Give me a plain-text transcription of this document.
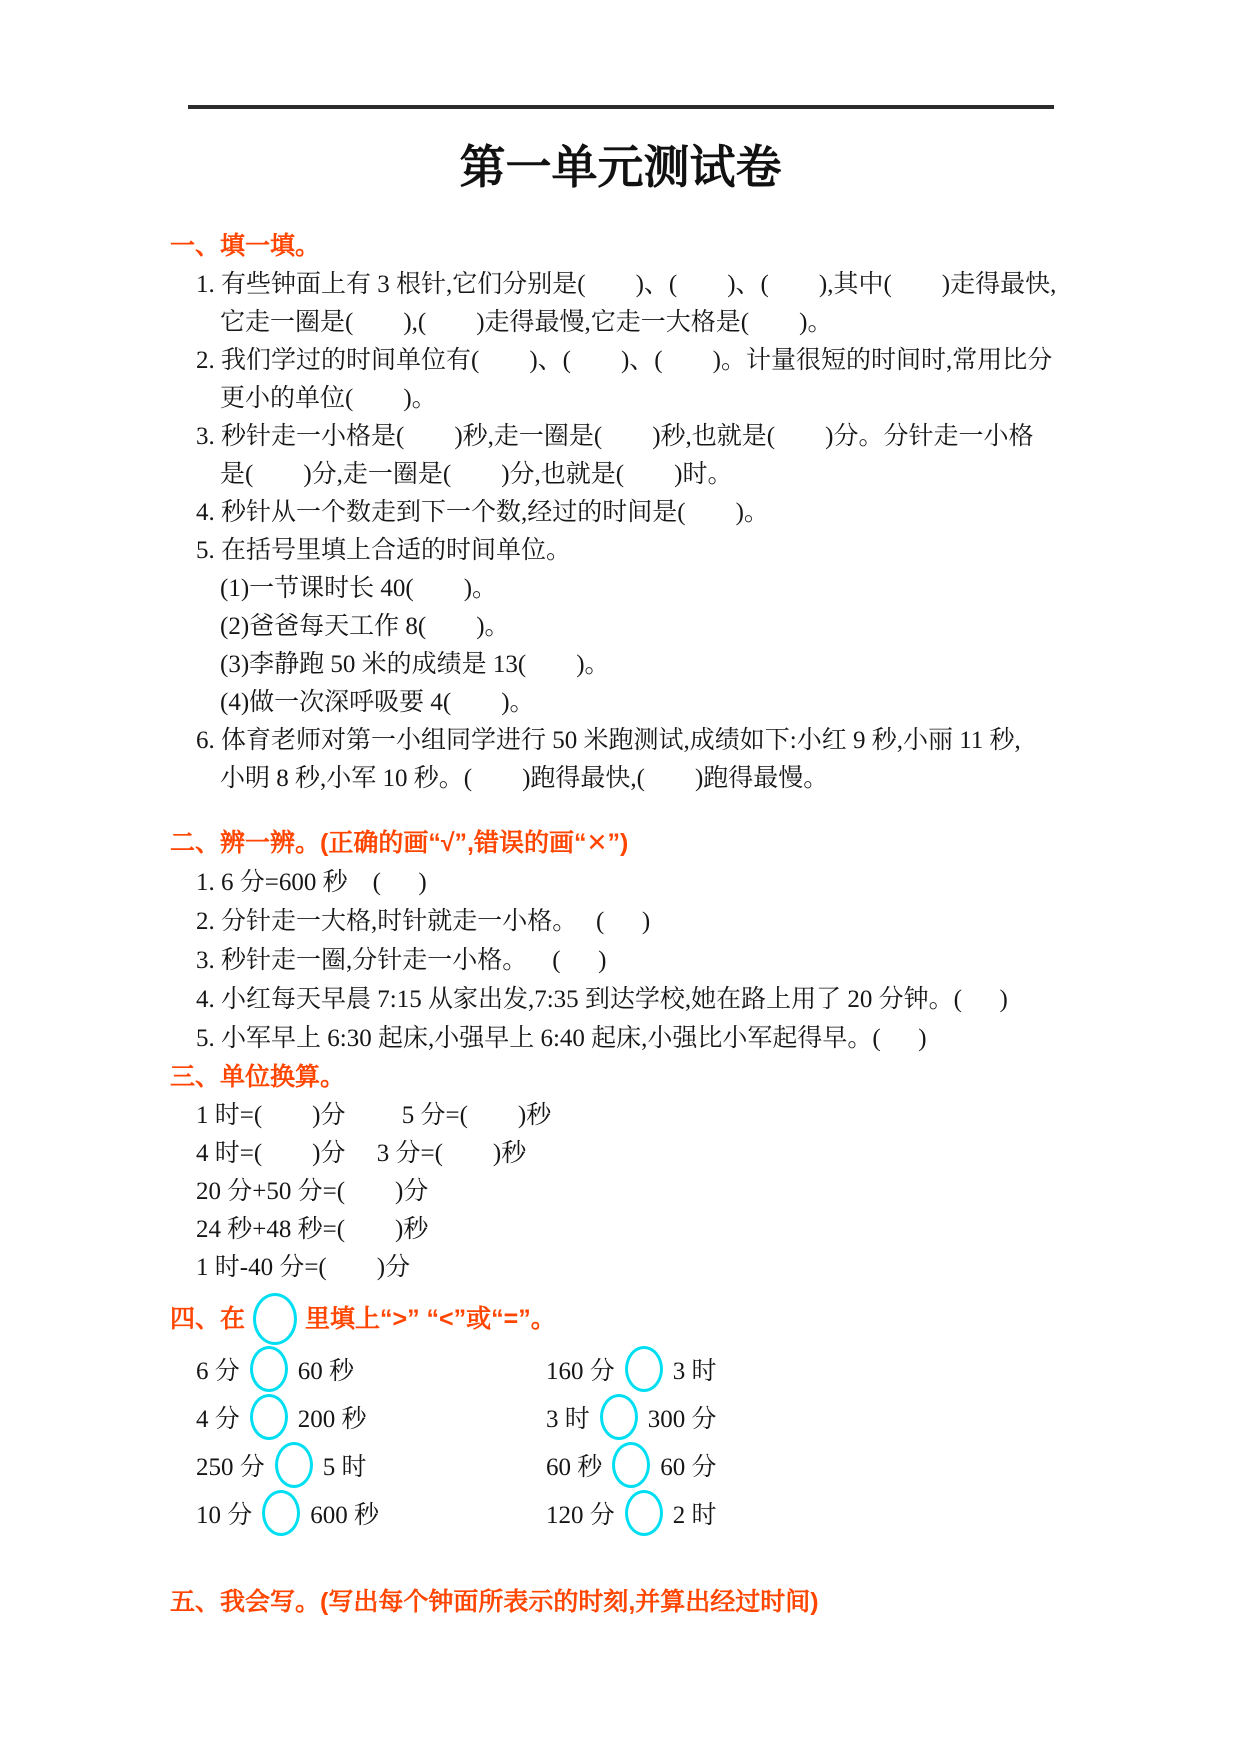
第一单元测试卷
一、填一填。
1. 有些钟面上有 3 根针,它们分别是(        )、(        )、(        ),其中(        )走得最快,
它走一圈是(        ),(        )走得最慢,它走一大格是(        )。
2. 我们学过的时间单位有(        )、(        )、(        )。计量很短的时间时,常用比分
更小的单位(        )。
3. 秒针走一小格是(        )秒,走一圈是(        )秒,也就是(        )分。分针走一小格
是(        )分,走一圈是(        )分,也就是(        )时。
4. 秒针从一个数走到下一个数,经过的时间是(        )。
5. 在括号里填上合适的时间单位。
(1)一节课时长 40(        )。
(2)爸爸每天工作 8(        )。
(3)李静跑 50 米的成绩是 13(        )。
(4)做一次深呼吸要 4(        )。
6. 体育老师对第一小组同学进行 50 米跑测试,成绩如下:小红 9 秒,小丽 11 秒,
小明 8 秒,小军 10 秒。(        )跑得最快,(        )跑得最慢。
二、辨一辨。(正确的画“√”,错误的画“✕”)
1. 6 分=600 秒    (      )
2. 分针走一大格,时针就走一小格。   (      )
3. 秒针走一圈,分针走一小格。    (      )
4. 小红每天早晨 7:15 从家出发,7:35 到达学校,她在路上用了 20 分钟。(      )
5. 小军早上 6:30 起床,小强早上 6:40 起床,小强比小军起得早。(      )
三、单位换算。
1 时=(        )分         5 分=(        )秒
4 时=(        )分     3 分=(        )秒
20 分+50 分=(        )分
24 秒+48 秒=(        )秒
1 时-40 分=(        )分
四、在 里填上“>” “<”或“=”。
6 分 60 秒	160 分 3 时
4 分 200 秒	3 时 300 分
250 分 5 时	60 秒 60 分
10 分 600 秒	120 分 2 时
五、我会写。(写出每个钟面所表示的时刻,并算出经过时间)
